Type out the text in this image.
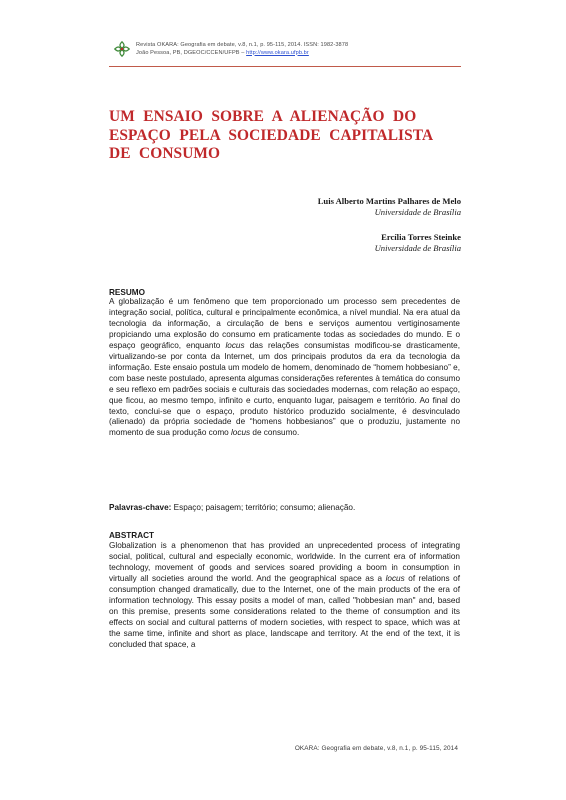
Revista OKARA: Geografia em debate, v.8, n.1, p. 95-115, 2014. ISSN: 1982-3878
João Pessoa, PB, DGEOC/CCEN/UFPB – http://www.okara.ufpb.br
UM ENSAIO SOBRE A ALIENAÇÃO DO ESPAÇO PELA SOCIEDADE CAPITALISTA DE CONSUMO
Luis Alberto Martins Palhares de Melo
Universidade de Brasília
Ercília Torres Steinke
Universidade de Brasília
RESUMO
A globalização é um fenômeno que tem proporcionado um processo sem precedentes de integração social, política, cultural e principalmente econômica, a nível mundial. Na era atual da tecnologia da informação, a circulação de bens e serviços aumentou vertiginosamente propiciando uma explosão do consumo em praticamente todas as sociedades do mundo. E o espaço geográfico, enquanto locus das relações consumistas modificou-se drasticamente, virtualizando-se por conta da Internet, um dos principais produtos da era da tecnologia da informação. Este ensaio postula um modelo de homem, denominado de “homem hobbesiano” e, com base neste postulado, apresenta algumas considerações referentes à temática do consumo e seu reflexo em padrões sociais e culturais das sociedades modernas, com relação ao espaço, que ficou, ao mesmo tempo, infinito e curto, enquanto lugar, paisagem e território. Ao final do texto, conclui-se que o espaço, produto histórico produzido socialmente, é desvinculado (alienado) da própria sociedade de “homens hobbesianos” que o produziu, justamente no momento de sua produção como locus de consumo.
Palavras-chave: Espaço; paisagem; território; consumo; alienação.
ABSTRACT
Globalization is a phenomenon that has provided an unprecedented process of integrating social, political, cultural and especially economic, worldwide. In the current era of information technology, movement of goods and services soared providing a boom in consumption in virtually all societies around the world. And the geographical space as a locus of relations of consumption changed dramatically, due to the Internet, one of the main products of the era of information technology. This essay posits a model of man, called "hobbesian man" and, based on this premise, presents some considerations related to the theme of consumption and its effects on social and cultural patterns of modern societies, with respect to space, which was at the same time, infinite and short as place, landscape and territory. At the end of the text, it is concluded that space, a
OKARA: Geografia em debate, v.8, n.1, p. 95-115, 2014
